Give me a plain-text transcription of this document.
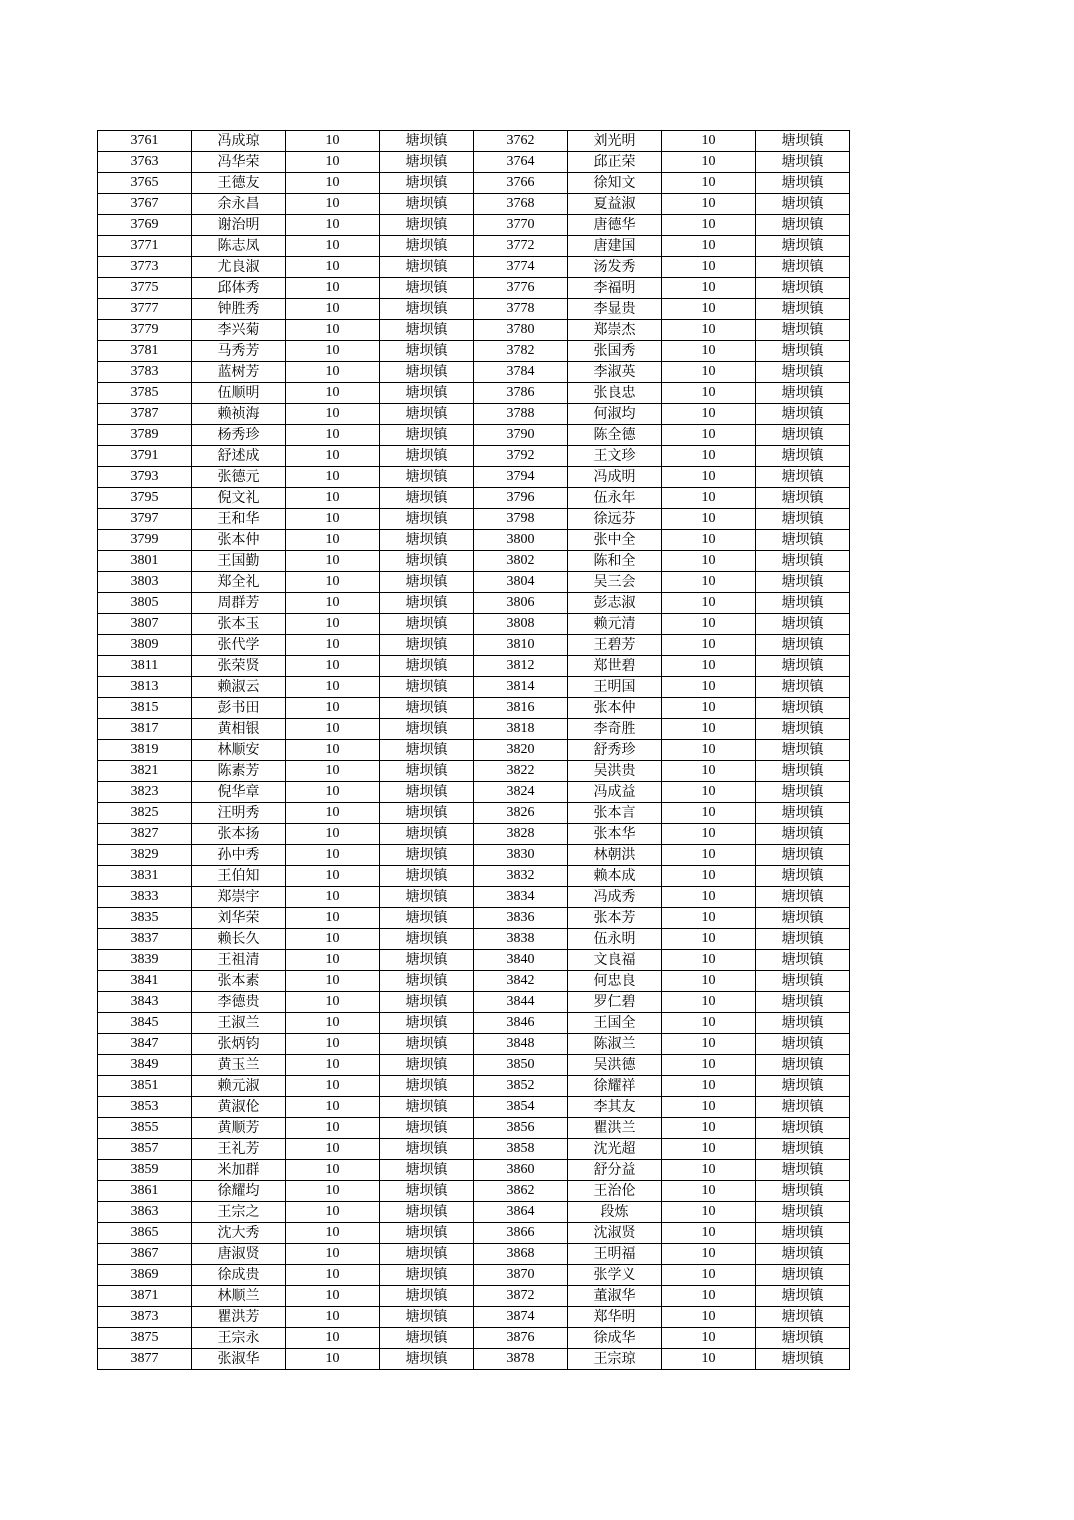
3761	冯成琼	10	塘坝镇	3762	刘光明	10	塘坝镇
3763	冯华荣	10	塘坝镇	3764	邱正荣	10	塘坝镇
3765	王德友	10	塘坝镇	3766	徐知文	10	塘坝镇
3767	余永昌	10	塘坝镇	3768	夏益淑	10	塘坝镇
3769	谢治明	10	塘坝镇	3770	唐德华	10	塘坝镇
3771	陈志凤	10	塘坝镇	3772	唐建国	10	塘坝镇
3773	尤良淑	10	塘坝镇	3774	汤发秀	10	塘坝镇
3775	邱体秀	10	塘坝镇	3776	李福明	10	塘坝镇
3777	钟胜秀	10	塘坝镇	3778	李显贵	10	塘坝镇
3779	李兴菊	10	塘坝镇	3780	郑崇杰	10	塘坝镇
3781	马秀芳	10	塘坝镇	3782	张国秀	10	塘坝镇
3783	蓝树芳	10	塘坝镇	3784	李淑英	10	塘坝镇
3785	伍顺明	10	塘坝镇	3786	张良忠	10	塘坝镇
3787	赖祯海	10	塘坝镇	3788	何淑均	10	塘坝镇
3789	杨秀珍	10	塘坝镇	3790	陈全德	10	塘坝镇
3791	舒述成	10	塘坝镇	3792	王文珍	10	塘坝镇
3793	张德元	10	塘坝镇	3794	冯成明	10	塘坝镇
3795	倪文礼	10	塘坝镇	3796	伍永年	10	塘坝镇
3797	王和华	10	塘坝镇	3798	徐远芬	10	塘坝镇
3799	张本仲	10	塘坝镇	3800	张中全	10	塘坝镇
3801	王国勤	10	塘坝镇	3802	陈和全	10	塘坝镇
3803	郑全礼	10	塘坝镇	3804	吴三会	10	塘坝镇
3805	周群芳	10	塘坝镇	3806	彭志淑	10	塘坝镇
3807	张本玉	10	塘坝镇	3808	赖元清	10	塘坝镇
3809	张代学	10	塘坝镇	3810	王碧芳	10	塘坝镇
3811	张荣贤	10	塘坝镇	3812	郑世碧	10	塘坝镇
3813	赖淑云	10	塘坝镇	3814	王明国	10	塘坝镇
3815	彭书田	10	塘坝镇	3816	张本仲	10	塘坝镇
3817	黄相银	10	塘坝镇	3818	李奇胜	10	塘坝镇
3819	林顺安	10	塘坝镇	3820	舒秀珍	10	塘坝镇
3821	陈素芳	10	塘坝镇	3822	吴洪贵	10	塘坝镇
3823	倪华章	10	塘坝镇	3824	冯成益	10	塘坝镇
3825	汪明秀	10	塘坝镇	3826	张本言	10	塘坝镇
3827	张本扬	10	塘坝镇	3828	张本华	10	塘坝镇
3829	孙中秀	10	塘坝镇	3830	林朝洪	10	塘坝镇
3831	王伯知	10	塘坝镇	3832	赖本成	10	塘坝镇
3833	郑崇宇	10	塘坝镇	3834	冯成秀	10	塘坝镇
3835	刘华荣	10	塘坝镇	3836	张本芳	10	塘坝镇
3837	赖长久	10	塘坝镇	3838	伍永明	10	塘坝镇
3839	王祖清	10	塘坝镇	3840	文良福	10	塘坝镇
3841	张本素	10	塘坝镇	3842	何忠良	10	塘坝镇
3843	李德贵	10	塘坝镇	3844	罗仁碧	10	塘坝镇
3845	王淑兰	10	塘坝镇	3846	王国全	10	塘坝镇
3847	张炳钧	10	塘坝镇	3848	陈淑兰	10	塘坝镇
3849	黄玉兰	10	塘坝镇	3850	吴洪德	10	塘坝镇
3851	赖元淑	10	塘坝镇	3852	徐耀祥	10	塘坝镇
3853	黄淑伦	10	塘坝镇	3854	李其友	10	塘坝镇
3855	黄顺芳	10	塘坝镇	3856	瞿洪兰	10	塘坝镇
3857	王礼芳	10	塘坝镇	3858	沈光超	10	塘坝镇
3859	米加群	10	塘坝镇	3860	舒分益	10	塘坝镇
3861	徐耀均	10	塘坝镇	3862	王治伦	10	塘坝镇
3863	王宗之	10	塘坝镇	3864	段炼	10	塘坝镇
3865	沈大秀	10	塘坝镇	3866	沈淑贤	10	塘坝镇
3867	唐淑贤	10	塘坝镇	3868	王明福	10	塘坝镇
3869	徐成贵	10	塘坝镇	3870	张学义	10	塘坝镇
3871	林顺兰	10	塘坝镇	3872	董淑华	10	塘坝镇
3873	瞿洪芳	10	塘坝镇	3874	郑华明	10	塘坝镇
3875	王宗永	10	塘坝镇	3876	徐成华	10	塘坝镇
3877	张淑华	10	塘坝镇	3878	王宗琼	10	塘坝镇
